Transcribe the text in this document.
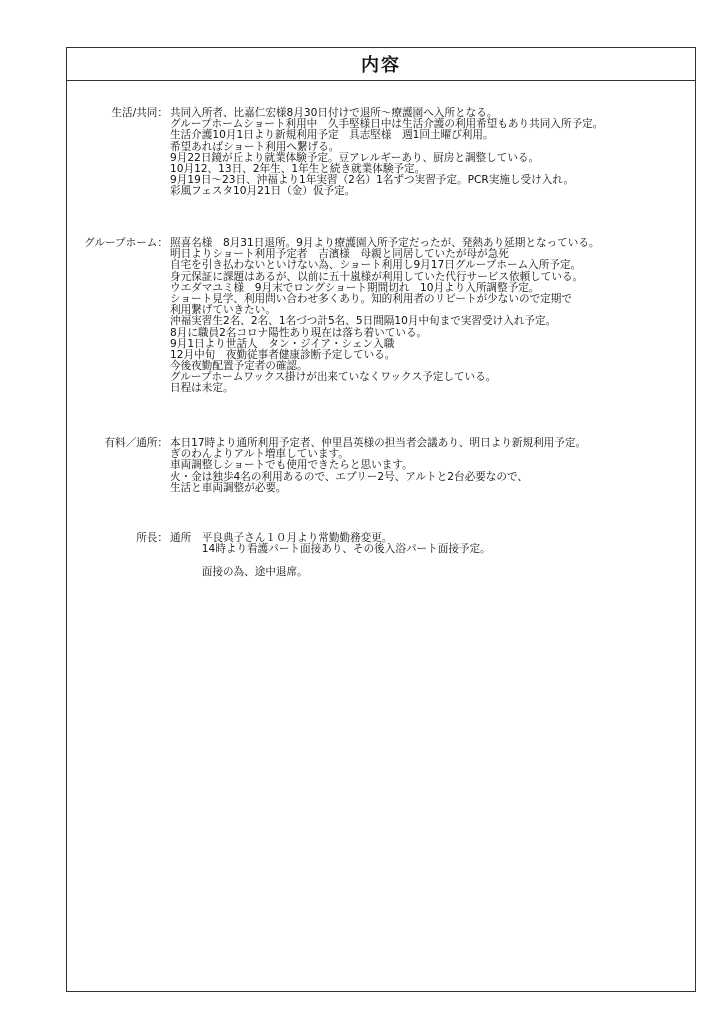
内容
生活/共同： 共同入所者、比嘉仁宏様8月30日付けで退所～療護園へ入所となる。
グループホームショート利用中　久手堅様日中は生活介護の利用希望もあり共同入所予定。
生活介護10月1日より新規利用予定　具志堅様　週1回土曜び利用。
希望あればショート利用へ繋げる。
9月22日鏡が丘より就業体験予定。豆アレルギーあり、厨房と調整している。
10月12、13日、2年生、1年生と続き就業体験予定。
9月19日～23日、沖福より1年実習（2名）1名ずつ実習予定。PCR実施し受け入れ。
彩風フェスタ10月21日（金）仮予定。
グループホーム： 照喜名様　8月31日退所。9月より療護園入所予定だったが、発熱あり延期となっている。
明日よりショート利用予定者　吉濱様　母親と同居していたが母が急死
自宅を引き払わないといけない為、ショート利用し9月17日グループホーム入所予定。
身元保証に課題はあるが、以前に五十嵐様が利用していた代行サービス依頼している。
ウエダマユミ様　9月末でロングショート期間切れ　10月より入所調整予定。
ショート見学、利用問い合わせ多くあり。知的利用者のリピートが少ないので定期で
利用繋げていきたい。
沖福実習生2名、2名、1名づつ計5名、5日間隔10月中旬まで実習受け入れ予定。
8月に職員2名コロナ陽性あり現在は落ち着いている。
9月1日より世話人　タン・ジイア・シェン入職
12月中旬　夜勤従事者健康診断予定している。
今後夜勤配置予定者の確認。
グループホームワックス掛けが出来ていなくワックス予定している。
日程は未定。
有料／通所： 本日17時より通所利用予定者、仲里昌英様の担当者会議あり、明日より新規利用予定。
ぎのわんよりアルト増車しています。
車両調整しショートでも使用できたらと思います。
火・金は独歩4名の利用あるので、エブリー2号、アルトと2台必要なので、
生活と車両調整が必要。
所長： 通所　平良典子さん１０月より常勤勤務変更。
　　　14時より看護パート面接あり、その後入浴パート面接予定。
　　　面接の為、途中退席。
